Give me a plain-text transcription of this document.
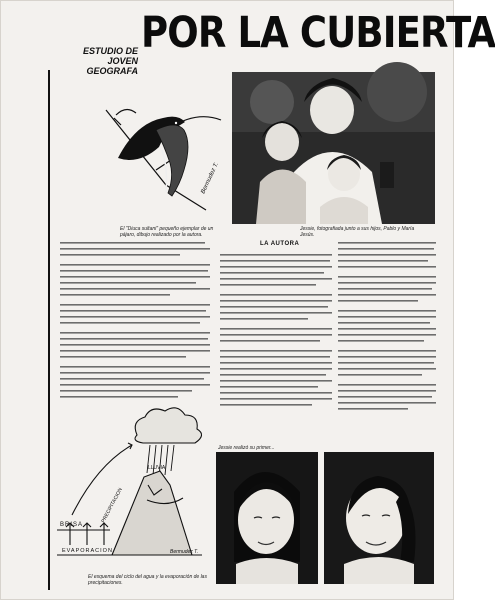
ESTUDIO DE JOVEN GEOGRAFA
POR LA CUBIERTA
Bermudez T.
El "Diuca sultani" pequeño ejemplar de un pájaro, dibujo realizado por la autora.
Jessie, fotografiada junto a sus hijos, Pablo y María Jesús.
LA AUTORA
LLUVIA
BRISA
EVAPORACION
PRECIPITACION
Bermudez T.
El esquema del ciclo del agua y la evaporación de las precipitaciones.
Jessie realizó su primer...
